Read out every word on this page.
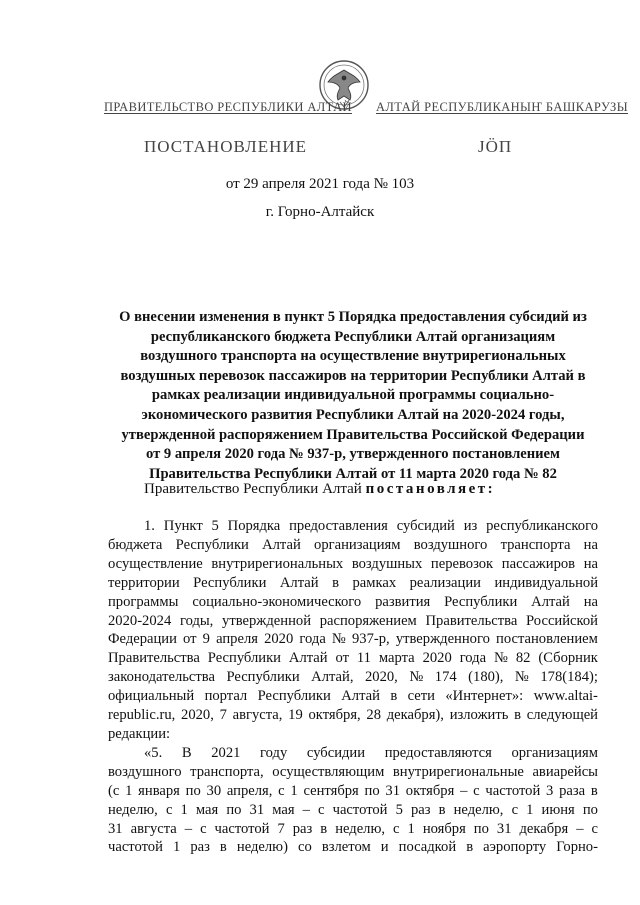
ПРАВИТЕЛЬСТВО РЕСПУБЛИКИ АЛТАЙ АЛТАЙ РЕСПУБЛИКАНЫҤ БАШКАРУЗЫ
ПОСТАНОВЛЕНИЕ	ЈӦП
от 29 апреля 2021 года № 103
г. Горно-Алтайск
О внесении изменения в пункт 5 Порядка предоставления субсидий из
республиканского бюджета Республики Алтай организациям
воздушного транспорта на осуществление внутрирегиональных
воздушных перевозок пассажиров на территории Республики Алтай в
рамках реализации индивидуальной программы социально-
экономического развития Республики Алтай на 2020-2024 годы,
утвержденной распоряжением Правительства Российской Федерации
от 9 апреля 2020 года № 937-р, утвержденного постановлением
Правительства Республики Алтай от 11 марта 2020 года № 82
Правительство Республики Алтай постановляет:
1. Пункт 5 Порядка предоставления субсидий из республиканского
бюджета Республики Алтай организациям воздушного транспорта на
осуществление внутрирегиональных воздушных перевозок пассажиров на
территории Республики Алтай в рамках реализации индивидуальной
программы социально-экономического развития Республики Алтай на
2020-2024 годы, утвержденной распоряжением Правительства Российской
Федерации от 9 апреля 2020 года № 937-р, утвержденного постановлением
Правительства Республики Алтай от 11 марта 2020 года № 82 (Сборник
законодательства Республики Алтай, 2020, № 174 (180), № 178(184);
официальный портал Республики Алтай в сети «Интернет»: www.altai-
republic.ru, 2020, 7 августа, 19 октября, 28 декабря), изложить в следующей
редакции:
«5. В 2021 году субсидии предоставляются организациям
воздушного транспорта, осуществляющим внутрирегиональные авиарейсы
(с 1 января по 30 апреля, с 1 сентября по 31 октября – с частотой 3 раза в
неделю, с 1 мая по 31 мая – с частотой 5 раз в неделю, с 1 июня по
31 августа – с частотой 7 раз в неделю, с 1 ноября по 31 декабря – с
частотой 1 раз в неделю) со взлетом и посадкой в аэропорту Горно-
